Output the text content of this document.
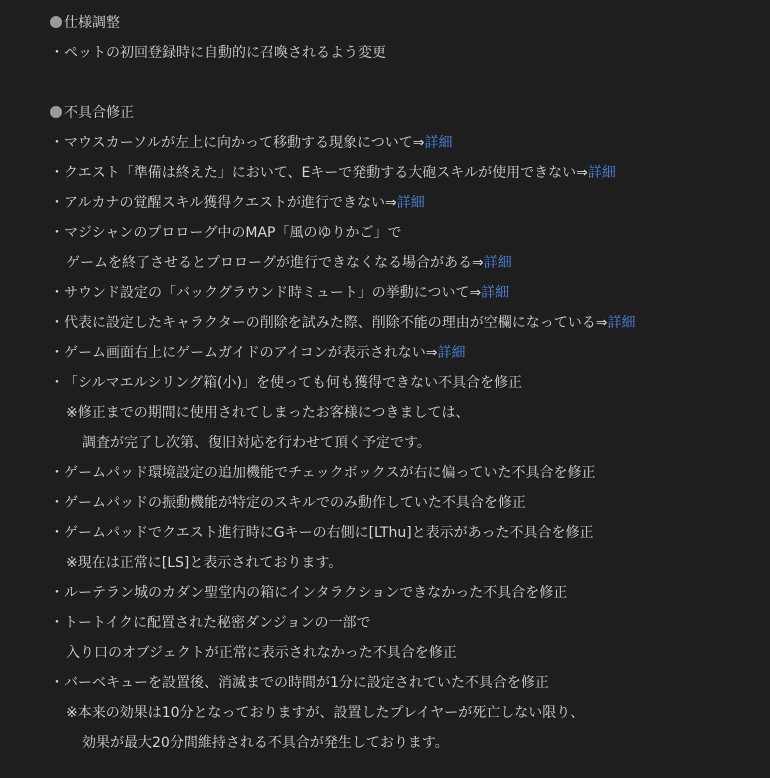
仕様調整
・ペットの初回登録時に自動的に召喚されるよう変更
不具合修正
・マウスカーソルが左上に向かって移動する現象について⇒詳細
・クエスト「準備は終えた」において、Eキーで発動する大砲スキルが使用できない⇒詳細
・アルカナの覚醒スキル獲得クエストが進行できない⇒詳細
・マジシャンのプロローグ中のMAP「風のゆりかご」で
ゲームを終了させるとプロローグが進行できなくなる場合がある⇒詳細
・サウンド設定の「バックグラウンド時ミュート」の挙動について⇒詳細
・代表に設定したキャラクターの削除を試みた際、削除不能の理由が空欄になっている⇒詳細
・ゲーム画面右上にゲームガイドのアイコンが表示されない⇒詳細
・「シルマエルシリング箱(小)」を使っても何も獲得できない不具合を修正
※修正までの期間に使用されてしまったお客様につきましては、
調査が完了し次第、復旧対応を行わせて頂く予定です。
・ゲームパッド環境設定の追加機能でチェックボックスが右に偏っていた不具合を修正
・ゲームパッドの振動機能が特定のスキルでのみ動作していた不具合を修正
・ゲームパッドでクエスト進行時にGキーの右側に[LThu]と表示があった不具合を修正
※現在は正常に[LS]と表示されております。
・ルーテラン城のカダン聖堂内の箱にインタラクションできなかった不具合を修正
・トートイクに配置された秘密ダンジョンの一部で
入り口のオブジェクトが正常に表示されなかった不具合を修正
・バーベキューを設置後、消滅までの時間が1分に設定されていた不具合を修正
※本来の効果は10分となっておりますが、設置したプレイヤーが死亡しない限り、
効果が最大20分間維持される不具合が発生しております。
